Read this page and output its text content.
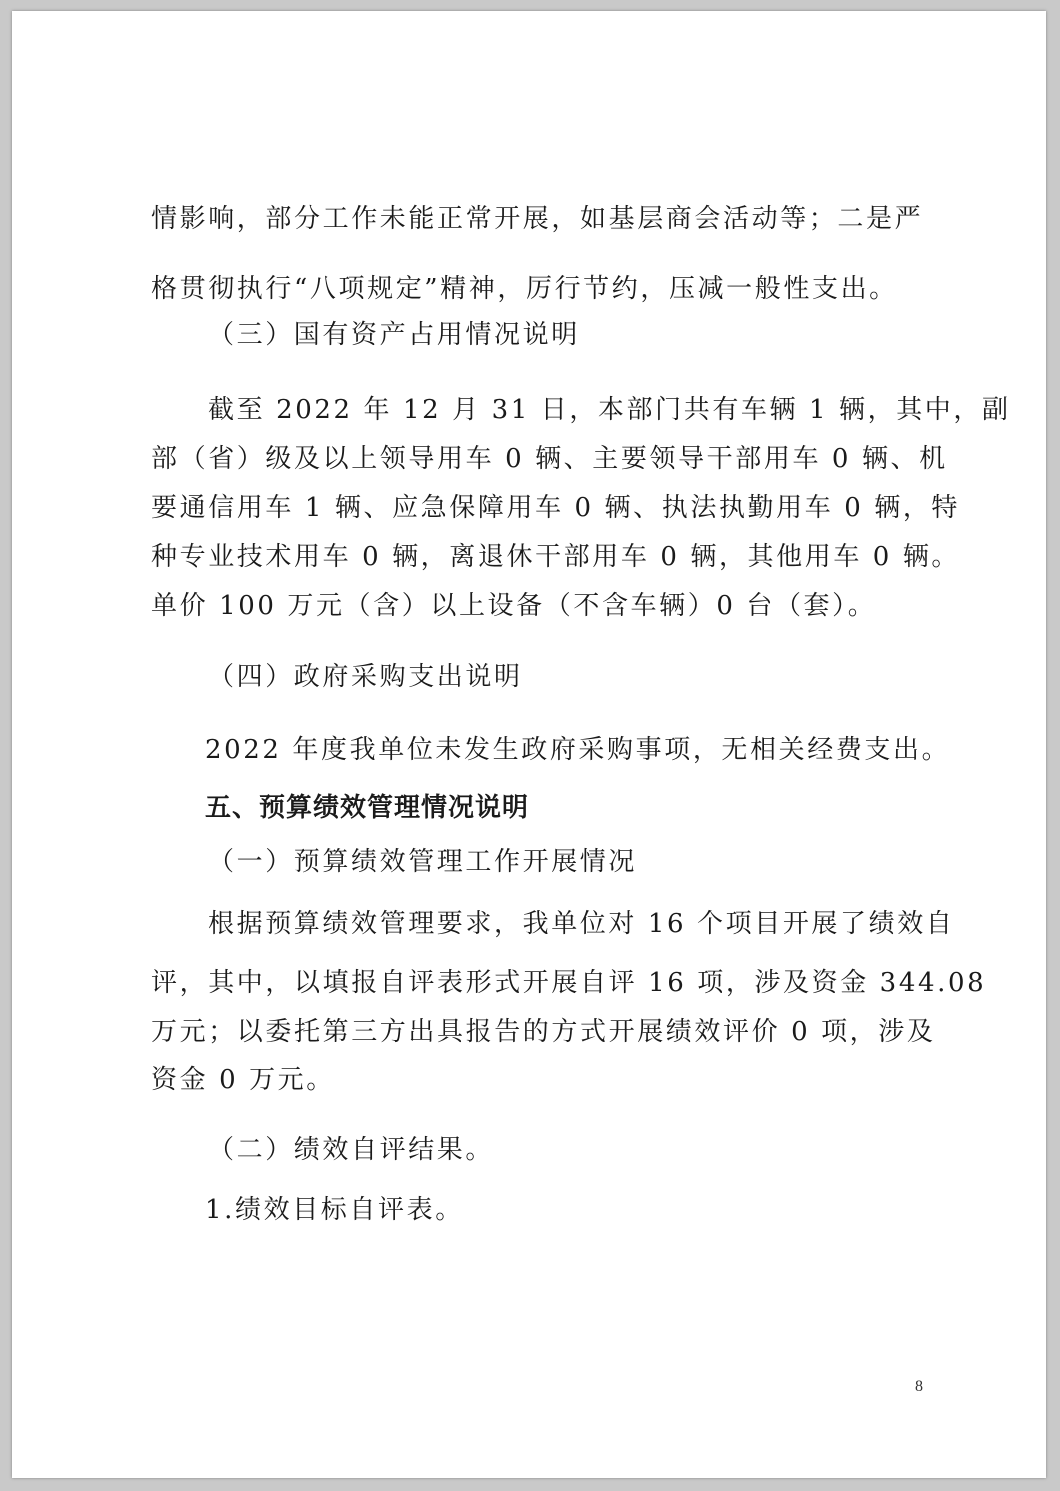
情影响，部分工作未能正常开展，如基层商会活动等；二是严

格贯彻执行“八项规定”精神，厉行节约，压减一般性支出。

（三）国有资产占用情况说明

截至 2022 年 12 月 31 日，本部门共有车辆 1 辆，其中，副

部（省）级及以上领导用车 0 辆、主要领导干部用车 0 辆、机

要通信用车 1 辆、应急保障用车 0 辆、执法执勤用车 0 辆，特

种专业技术用车 0 辆，离退休干部用车 0 辆，其他用车 0 辆。

单价 100 万元（含）以上设备（不含车辆）0 台（套）。

（四）政府采购支出说明

2022 年度我单位未发生政府采购事项，无相关经费支出。

五、预算绩效管理情况说明

（一）预算绩效管理工作开展情况

根据预算绩效管理要求，我单位对 16 个项目开展了绩效自

评，其中，以填报自评表形式开展自评 16 项，涉及资金 344.08

万元；以委托第三方出具报告的方式开展绩效评价 0 项，涉及

资金 0 万元。

（二）绩效自评结果。

1.绩效目标自评表。

8
